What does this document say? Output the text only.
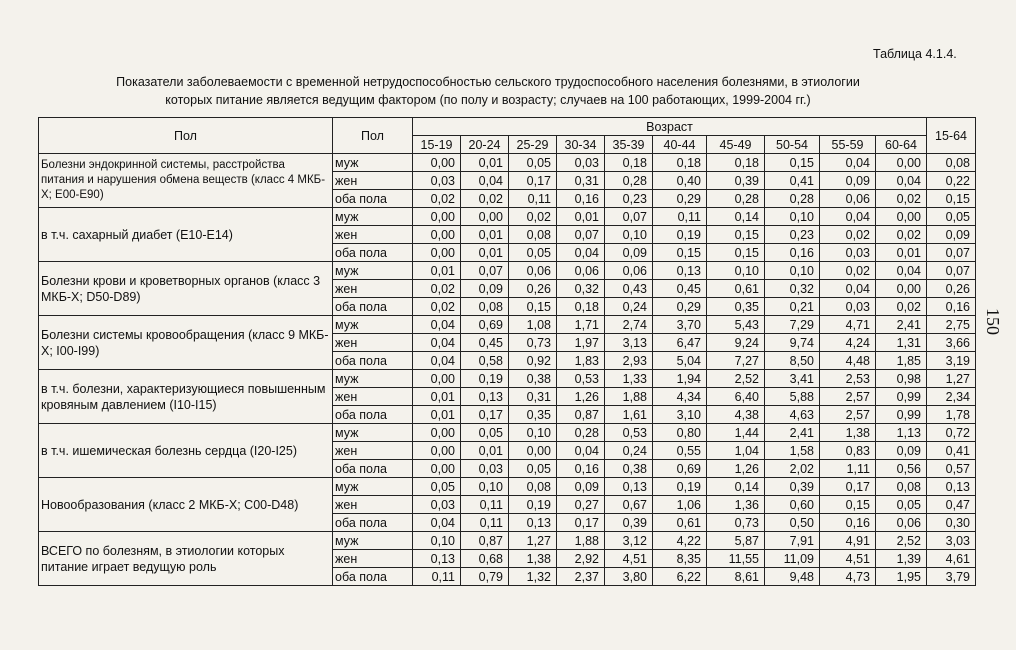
Таблица 4.1.4.
Показатели заболеваемости с временной нетрудоспособностью сельского трудоспособного населения болезнями, в этиологии
которых питание является ведущим фактором (по полу и возрасту; случаев на 100 работающих, 1999-2004 гг.)
150
Пол	Пол	Возраст										15-64
		15-19	20-24	25-29	30-34	35-39	40-44	45-49	50-54	55-59	60-64	
Болезни эндокринной системы, расстройства питания и нарушения обмена веществ (класс 4 МКБ-Х; Е00-Е90)	муж	0,00	0,01	0,05	0,03	0,18	0,18	0,18	0,15	0,04	0,00	0,08
	жен	0,03	0,04	0,17	0,31	0,28	0,40	0,39	0,41	0,09	0,04	0,22
	оба пола	0,02	0,02	0,11	0,16	0,23	0,29	0,28	0,28	0,06	0,02	0,15
в т.ч. сахарный диабет (Е10-Е14)	муж	0,00	0,00	0,02	0,01	0,07	0,11	0,14	0,10	0,04	0,00	0,05
	жен	0,00	0,01	0,08	0,07	0,10	0,19	0,15	0,23	0,02	0,02	0,09
	оба пола	0,00	0,01	0,05	0,04	0,09	0,15	0,15	0,16	0,03	0,01	0,07
Болезни крови и кроветворных органов (класс 3 МКБ-Х; D50-D89)	муж	0,01	0,07	0,06	0,06	0,06	0,13	0,10	0,10	0,02	0,04	0,07
	жен	0,02	0,09	0,26	0,32	0,43	0,45	0,61	0,32	0,04	0,00	0,26
	оба пола	0,02	0,08	0,15	0,18	0,24	0,29	0,35	0,21	0,03	0,02	0,16
Болезни системы кровообращения (класс 9 МКБ-Х; I00-I99)	муж	0,04	0,69	1,08	1,71	2,74	3,70	5,43	7,29	4,71	2,41	2,75
	жен	0,04	0,45	0,73	1,97	3,13	6,47	9,24	9,74	4,24	1,31	3,66
	оба пола	0,04	0,58	0,92	1,83	2,93	5,04	7,27	8,50	4,48	1,85	3,19
в т.ч. болезни, характеризующиеся повышенным кровяным давлением (I10-I15)	муж	0,00	0,19	0,38	0,53	1,33	1,94	2,52	3,41	2,53	0,98	1,27
	жен	0,01	0,13	0,31	1,26	1,88	4,34	6,40	5,88	2,57	0,99	2,34
	оба пола	0,01	0,17	0,35	0,87	1,61	3,10	4,38	4,63	2,57	0,99	1,78
в т.ч. ишемическая болезнь сердца (I20-I25)	муж	0,00	0,05	0,10	0,28	0,53	0,80	1,44	2,41	1,38	1,13	0,72
	жен	0,00	0,01	0,00	0,04	0,24	0,55	1,04	1,58	0,83	0,09	0,41
	оба пола	0,00	0,03	0,05	0,16	0,38	0,69	1,26	2,02	1,11	0,56	0,57
Новообразования (класс 2 МКБ-Х; С00-D48)	муж	0,05	0,10	0,08	0,09	0,13	0,19	0,14	0,39	0,17	0,08	0,13
	жен	0,03	0,11	0,19	0,27	0,67	1,06	1,36	0,60	0,15	0,05	0,47
	оба пола	0,04	0,11	0,13	0,17	0,39	0,61	0,73	0,50	0,16	0,06	0,30
ВСЕГО по болезням, в этиологии которых питание играет ведущую роль	муж	0,10	0,87	1,27	1,88	3,12	4,22	5,87	7,91	4,91	2,52	3,03
	жен	0,13	0,68	1,38	2,92	4,51	8,35	11,55	11,09	4,51	1,39	4,61
	оба пола	0,11	0,79	1,32	2,37	3,80	6,22	8,61	9,48	4,73	1,95	3,79
